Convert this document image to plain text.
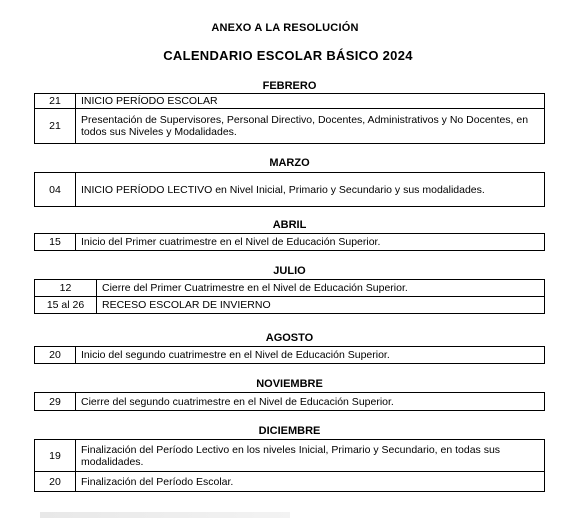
ANEXO A LA RESOLUCIÓN
CALENDARIO ESCOLAR BÁSICO 2024
FEBRERO
21	INICIO PERÍODO ESCOLAR
21	Presentación de Supervisores, Personal Directivo, Docentes, Administrativos y No Docentes, en todos sus Niveles y Modalidades.
MARZO
04	INICIO PERÍODO LECTIVO en Nivel Inicial, Primario y Secundario y sus modalidades.
ABRIL
15	Inicio del Primer cuatrimestre en el Nivel de Educación Superior.
JULIO
12	Cierre del Primer Cuatrimestre en el Nivel de Educación Superior.
15 al 26	RECESO ESCOLAR DE INVIERNO
AGOSTO
20	Inicio del segundo cuatrimestre en el Nivel de Educación Superior.
NOVIEMBRE
29	Cierre del segundo cuatrimestre en el Nivel de Educación Superior.
DICIEMBRE
19	Finalización del Período Lectivo en los niveles Inicial, Primario y Secundario, en todas sus modalidades.
20	Finalización del Período Escolar.
